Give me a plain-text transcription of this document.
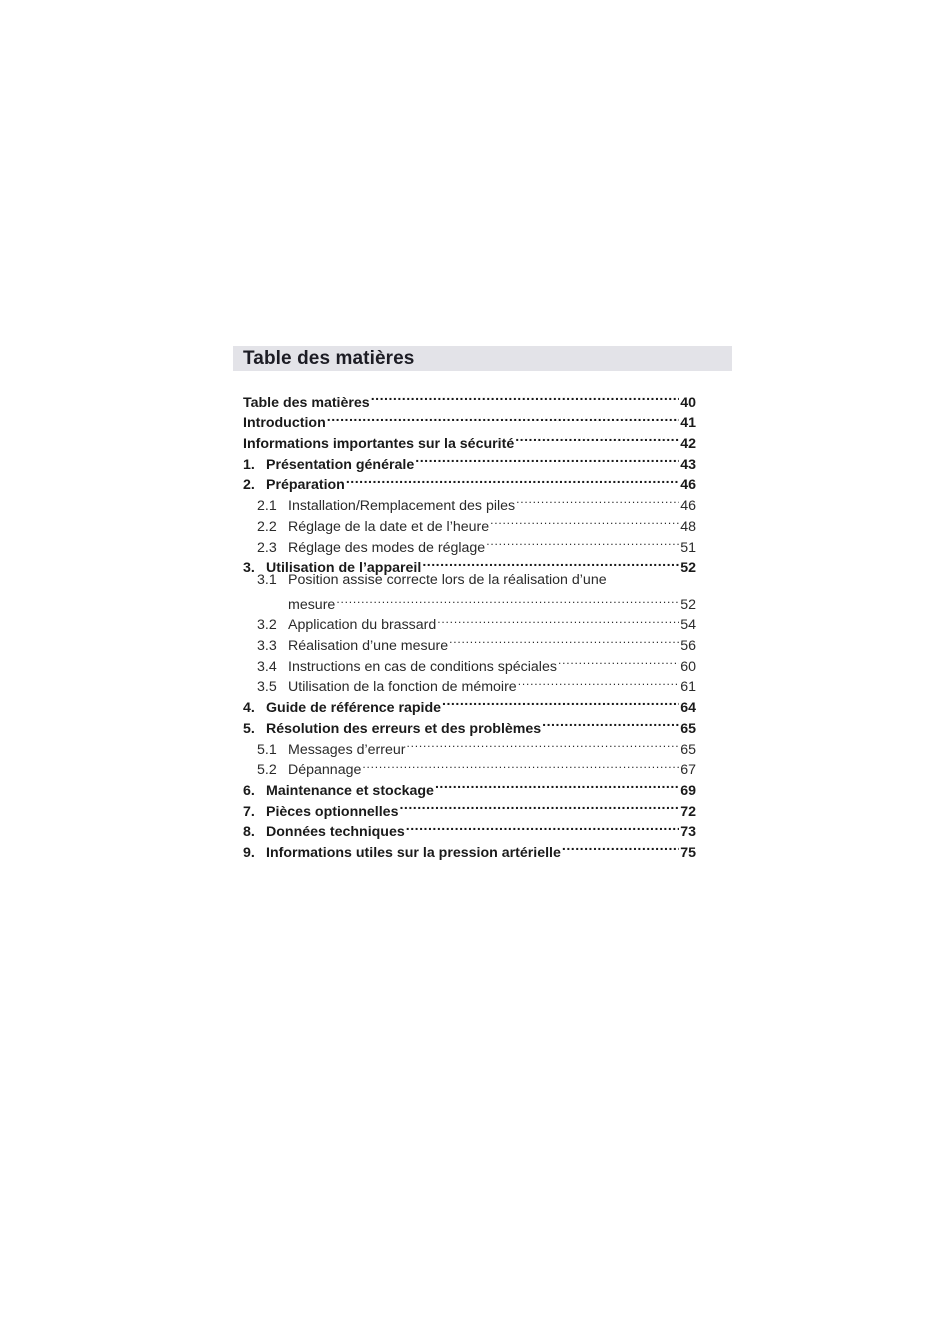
Table des matières
Table des matières .....	40
Introduction .....	41
Informations importantes sur la sécurité .....	42
1. Présentation générale .....	43
2. Préparation .....	46
2.1 Installation/Remplacement des piles .....	46
2.2 Réglage de la date et de l’heure .....	48
2.3 Réglage des modes de réglage .....	51
3. Utilisation de l’appareil .....	52
3.1 Position assise correcte lors de la réalisation d’une
mesure .....	52
3.2 Application du brassard .....	54
3.3 Réalisation d’une mesure .....	56
3.4 Instructions en cas de conditions spéciales .....	60
3.5 Utilisation de la fonction de mémoire .....	61
4. Guide de référence rapide .....	64
5. Résolution des erreurs et des problèmes .....	65
5.1 Messages d’erreur .....	65
5.2 Dépannage .....	67
6. Maintenance et stockage .....	69
7. Pièces optionnelles .....	72
8. Données techniques .....	73
9. Informations utiles sur la pression artérielle .....	75
